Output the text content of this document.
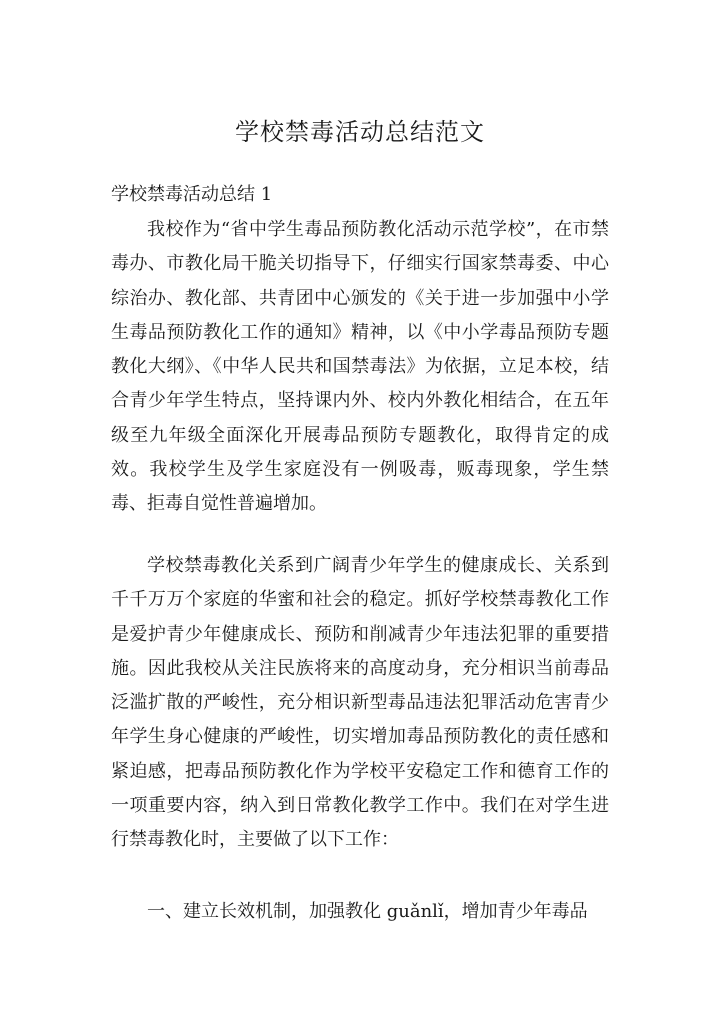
学校禁毒活动总结范文
学校禁毒活动总结 1

我校作为“省中学生毒品预防教化活动示范学校”，在市禁毒办、市教化局干脆关切指导下，仔细实行国家禁毒委、中心综治办、教化部、共青团中心颁发的《关于进一步加强中小学生毒品预防教化工作的通知》精神，以《中小学毒品预防专题教化大纲》、《中华人民共和国禁毒法》为依据，立足本校，结合青少年学生特点，坚持课内外、校内外教化相结合，在五年级至九年级全面深化开展毒品预防专题教化，取得肯定的成效。我校学生及学生家庭没有一例吸毒，贩毒现象，学生禁毒、拒毒自觉性普遍增加。

学校禁毒教化关系到广阔青少年学生的健康成长、关系到千千万万个家庭的华蜜和社会的稳定。抓好学校禁毒教化工作是爱护青少年健康成长、预防和削减青少年违法犯罪的重要措施。因此我校从关注民族将来的高度动身，充分相识当前毒品泛滥扩散的严峻性，充分相识新型毒品违法犯罪活动危害青少年学生身心健康的严峻性，切实增加毒品预防教化的责任感和紧迫感，把毒品预防教化作为学校平安稳定工作和德育工作的一项重要内容，纳入到日常教化教学工作中。我们在对学生进行禁毒教化时，主要做了以下工作：

一、建立长效机制，加强教化 guǎnlǐ，增加青少年毒品
